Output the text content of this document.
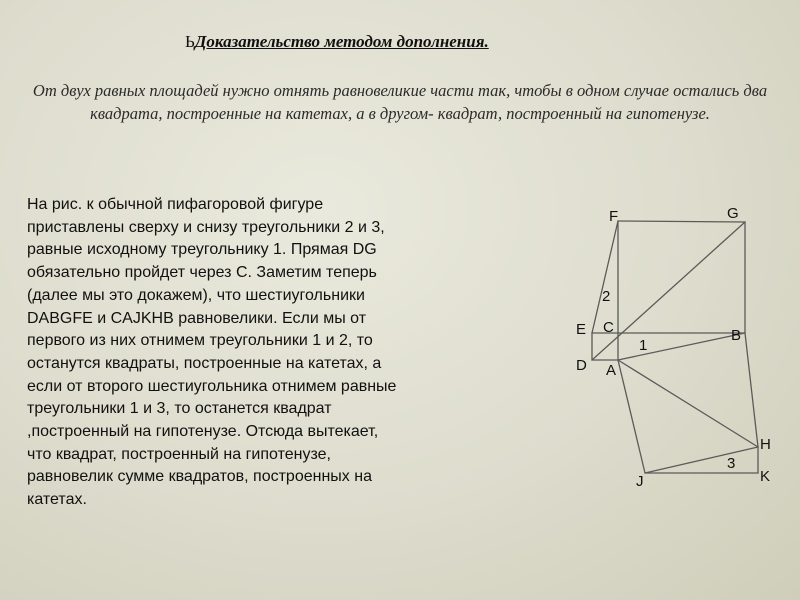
ЬДоказательство методом дополнения.
От двух равных площадей нужно отнять равновеликие части так, чтобы в одном случае остались два квадрата, построенные на катетах, а в другом- квадрат, построенный на гипотенузе.
На рис. к обычной пифагоровой фигуре
приставлены сверху и снизу треугольники 2 и 3,
равные исходному треугольнику 1. Прямая DG
обязательно пройдет через С. Заметим теперь
(далее мы это докажем), что шестиугольники
DABGFE и CAJKHB равновелики. Если мы от
первого из них отнимем треугольники 1 и 2, то
останутся квадраты, построенные на катетах, а
если от второго шестиугольника отнимем равные
треугольники 1 и 3, то останется квадрат
,построенный на гипотенузе. Отсюда вытекает,
что квадрат, построенный на гипотенузе,
равновелик сумме квадратов, построенных на
катетах.
F	G
E C	B
D A
H
J	K
1
2
3
